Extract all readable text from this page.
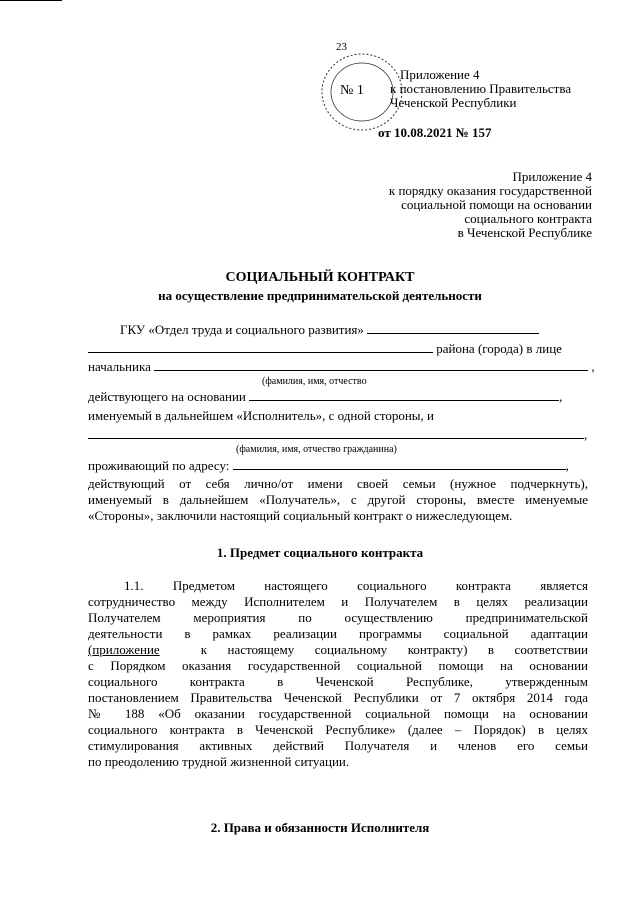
23
№ 1
Приложение 4
к постановлению Правительства
Чеченской Республики
от 10.08.2021 № 157
Приложение 4
к порядку оказания государственной
социальной помощи на основании
социального контракта
в Чеченской Республике
СОЦИАЛЬНЫЙ КОНТРАКТ
на осуществление предпринимательской деятельности
ГКУ «Отдел труда и социального развития»
района (города) в лице
начальника	,
(фамилия, имя, отчество
действующего на основании	,
именуемый в дальнейшем «Исполнитель», с одной стороны, и
,
(фамилия, имя, отчество гражданина)
проживающий по адресу:	,
действующий от себя лично/от имени своей семьи (нужное подчеркнуть),
именуемый в дальнейшем «Получатель», с другой стороны, вместе именуемые
«Стороны», заключили настоящий социальный контракт о нижеследующем.
1. Предмет социального контракта
1.1. Предметом настоящего социального контракта является
сотрудничество между Исполнителем и Получателем в целях реализации
Получателем мероприятия по осуществлению предпринимательской
деятельности в рамках реализации программы социальной адаптации
(приложение	к настоящему социальному контракту) в соответствии
с Порядком оказания государственной социальной помощи на основании
социального контракта в Чеченской Республике, утвержденным
постановлением Правительства Чеченской Республики от 7 октября 2014 года
№ 188 «Об оказании государственной социальной помощи на основании
социального контракта в Чеченской Республике» (далее – Порядок) в целях
стимулирования активных действий Получателя и членов его семьи
по преодолению трудной жизненной ситуации.
2. Права и обязанности Исполнителя
